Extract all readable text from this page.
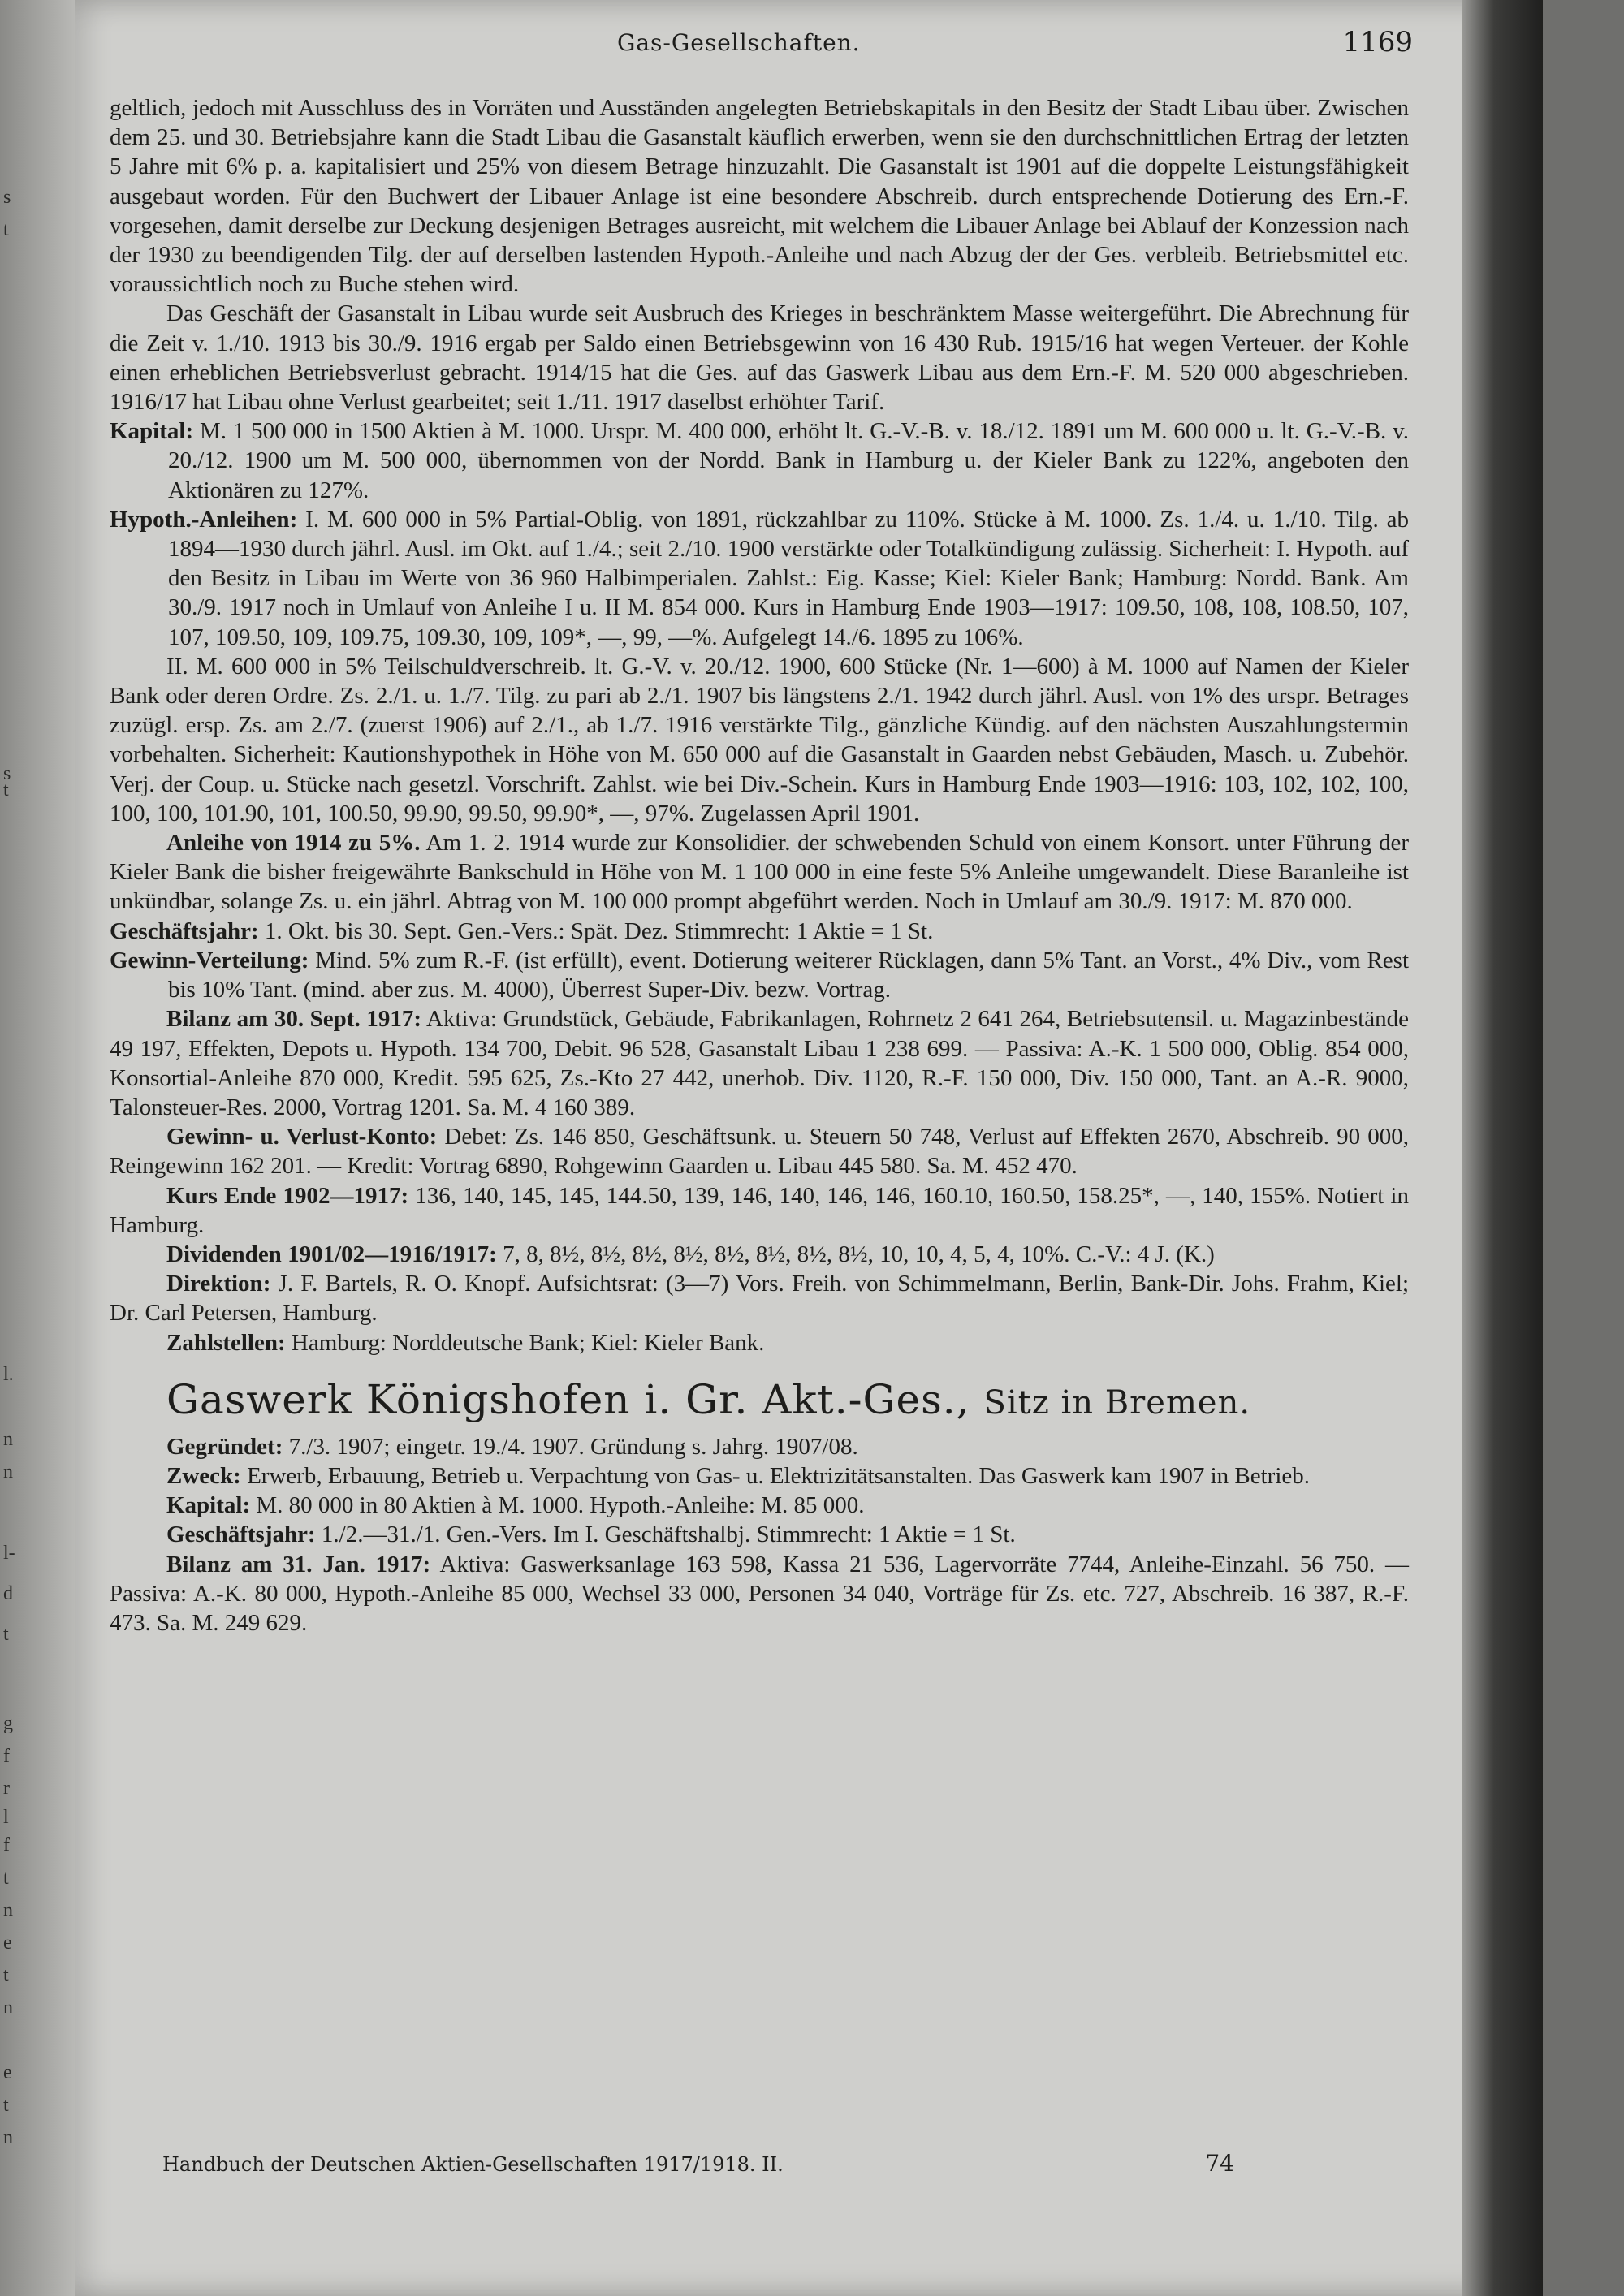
s
t
s
t
l.
n
n
l-
d
t
g
f
r
l
f
t
n
e
t
n
e
t
n
Gas-Gesellschaften.	1169

geltlich, jedoch mit Ausschluss des in Vorräten und Ausständen angelegten Betriebskapitals in den Besitz der Stadt Libau über. Zwischen dem 25. und 30. Betriebsjahre kann die Stadt Libau die Gasanstalt käuflich erwerben, wenn sie den durchschnittlichen Ertrag der letzten 5 Jahre mit 6% p. a. kapitalisiert und 25% von diesem Betrage hinzuzahlt. Die Gasanstalt ist 1901 auf die doppelte Leistungsfähigkeit ausgebaut worden. Für den Buchwert der Libauer Anlage ist eine besondere Abschreib. durch entsprechende Dotierung des Ern.-F. vorgesehen, damit derselbe zur Deckung desjenigen Betrages ausreicht, mit welchem die Libauer Anlage bei Ablauf der Konzession nach der 1930 zu beendigenden Tilg. der auf derselben lastenden Hypoth.-Anleihe und nach Abzug der der Ges. verbleib. Betriebsmittel etc. voraussichtlich noch zu Buche stehen wird.

Das Geschäft der Gasanstalt in Libau wurde seit Ausbruch des Krieges in beschränktem Masse weitergeführt. Die Abrechnung für die Zeit v. 1./10. 1913 bis 30./9. 1916 ergab per Saldo einen Betriebsgewinn von 16 430 Rub. 1915/16 hat wegen Verteuer. der Kohle einen erheblichen Betriebsverlust gebracht. 1914/15 hat die Ges. auf das Gaswerk Libau aus dem Ern.-F. M. 520 000 abgeschrieben. 1916/17 hat Libau ohne Verlust gearbeitet; seit 1./11. 1917 daselbst erhöhter Tarif.

Kapital: M. 1 500 000 in 1500 Aktien à M. 1000. Urspr. M. 400 000, erhöht lt. G.-V.-B. v. 18./12. 1891 um M. 600 000 u. lt. G.-V.-B. v. 20./12. 1900 um M. 500 000, übernommen von der Nordd. Bank in Hamburg u. der Kieler Bank zu 122%, angeboten den Aktionären zu 127%.

Hypoth.-Anleihen: I. M. 600 000 in 5% Partial-Oblig. von 1891, rückzahlbar zu 110%. Stücke à M. 1000. Zs. 1./4. u. 1./10. Tilg. ab 1894—1930 durch jährl. Ausl. im Okt. auf 1./4.; seit 2./10. 1900 verstärkte oder Totalkündigung zulässig. Sicherheit: I. Hypoth. auf den Besitz in Libau im Werte von 36 960 Halbimperialen. Zahlst.: Eig. Kasse; Kiel: Kieler Bank; Hamburg: Nordd. Bank. Am 30./9. 1917 noch in Umlauf von Anleihe I u. II M. 854 000. Kurs in Hamburg Ende 1903—1917: 109.50, 108, 108, 108.50, 107, 107, 109.50, 109, 109.75, 109.30, 109, 109*, —, 99, —%. Aufgelegt 14./6. 1895 zu 106%.

II. M. 600 000 in 5% Teilschuldverschreib. lt. G.-V. v. 20./12. 1900, 600 Stücke (Nr. 1—600) à M. 1000 auf Namen der Kieler Bank oder deren Ordre. Zs. 2./1. u. 1./7. Tilg. zu pari ab 2./1. 1907 bis längstens 2./1. 1942 durch jährl. Ausl. von 1% des urspr. Betrages zuzügl. ersp. Zs. am 2./7. (zuerst 1906) auf 2./1., ab 1./7. 1916 verstärkte Tilg., gänzliche Kündig. auf den nächsten Auszahlungstermin vorbehalten. Sicherheit: Kautionshypothek in Höhe von M. 650 000 auf die Gasanstalt in Gaarden nebst Gebäuden, Masch. u. Zubehör. Verj. der Coup. u. Stücke nach gesetzl. Vorschrift. Zahlst. wie bei Div.-Schein. Kurs in Hamburg Ende 1903—1916: 103, 102, 102, 100, 100, 100, 101.90, 101, 100.50, 99.90, 99.50, 99.90*, —, 97%. Zugelassen April 1901.

Anleihe von 1914 zu 5%. Am 1. 2. 1914 wurde zur Konsolidier. der schwebenden Schuld von einem Konsort. unter Führung der Kieler Bank die bisher freigewährte Bankschuld in Höhe von M. 1 100 000 in eine feste 5% Anleihe umgewandelt. Diese Baranleihe ist unkündbar, solange Zs. u. ein jährl. Abtrag von M. 100 000 prompt abgeführt werden. Noch in Umlauf am 30./9. 1917: M. 870 000.

Geschäftsjahr: 1. Okt. bis 30. Sept. Gen.-Vers.: Spät. Dez. Stimmrecht: 1 Aktie = 1 St.

Gewinn-Verteilung: Mind. 5% zum R.-F. (ist erfüllt), event. Dotierung weiterer Rücklagen, dann 5% Tant. an Vorst., 4% Div., vom Rest bis 10% Tant. (mind. aber zus. M. 4000), Überrest Super-Div. bezw. Vortrag.

Bilanz am 30. Sept. 1917: Aktiva: Grundstück, Gebäude, Fabrikanlagen, Rohrnetz 2 641 264, Betriebsutensil. u. Magazinbestände 49 197, Effekten, Depots u. Hypoth. 134 700, Debit. 96 528, Gasanstalt Libau 1 238 699. — Passiva: A.-K. 1 500 000, Oblig. 854 000, Konsortial-Anleihe 870 000, Kredit. 595 625, Zs.-Kto 27 442, unerhob. Div. 1120, R.-F. 150 000, Div. 150 000, Tant. an A.-R. 9000, Talonsteuer-Res. 2000, Vortrag 1201. Sa. M. 4 160 389.

Gewinn- u. Verlust-Konto: Debet: Zs. 146 850, Geschäftsunk. u. Steuern 50 748, Verlust auf Effekten 2670, Abschreib. 90 000, Reingewinn 162 201. — Kredit: Vortrag 6890, Rohgewinn Gaarden u. Libau 445 580. Sa. M. 452 470.

Kurs Ende 1902—1917: 136, 140, 145, 145, 144.50, 139, 146, 140, 146, 146, 160.10, 160.50, 158.25*, —, 140, 155%. Notiert in Hamburg.

Dividenden 1901/02—1916/1917: 7, 8, 8½, 8½, 8½, 8½, 8½, 8½, 8½, 8½, 10, 10, 4, 5, 4, 10%. C.-V.: 4 J. (K.)

Direktion: J. F. Bartels, R. O. Knopf. Aufsichtsrat: (3—7) Vors. Freih. von Schimmelmann, Berlin, Bank-Dir. Johs. Frahm, Kiel; Dr. Carl Petersen, Hamburg.

Zahlstellen: Hamburg: Norddeutsche Bank; Kiel: Kieler Bank.

Gaswerk Königshofen i. Gr. Akt.-Ges., Sitz in Bremen.

Gegründet: 7./3. 1907; eingetr. 19./4. 1907. Gründung s. Jahrg. 1907/08.

Zweck: Erwerb, Erbauung, Betrieb u. Verpachtung von Gas- u. Elektrizitätsanstalten. Das Gaswerk kam 1907 in Betrieb.

Kapital: M. 80 000 in 80 Aktien à M. 1000. Hypoth.-Anleihe: M. 85 000.

Geschäftsjahr: 1./2.—31./1. Gen.-Vers. Im I. Geschäftshalbj. Stimmrecht: 1 Aktie = 1 St.

Bilanz am 31. Jan. 1917: Aktiva: Gaswerksanlage 163 598, Kassa 21 536, Lagervorräte 7744, Anleihe-Einzahl. 56 750. — Passiva: A.-K. 80 000, Hypoth.-Anleihe 85 000, Wechsel 33 000, Personen 34 040, Vorträge für Zs. etc. 727, Abschreib. 16 387, R.-F. 473. Sa. M. 249 629.

Handbuch der Deutschen Aktien-Gesellschaften 1917/1918. II.	74
